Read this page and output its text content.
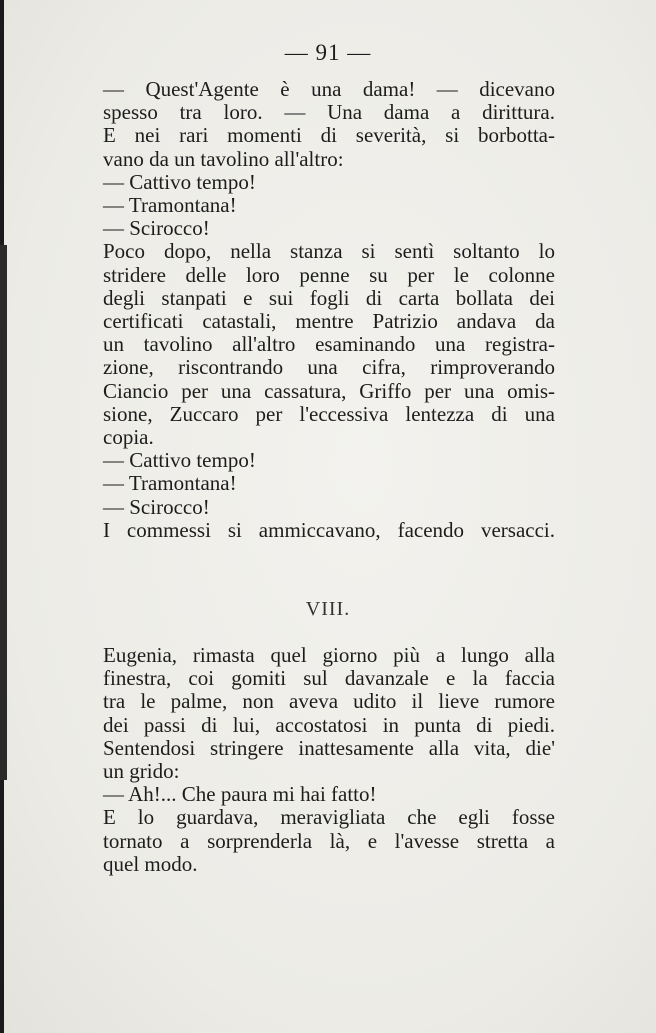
— 91 —
— Quest'Agente è una dama! — dicevano
spesso tra loro. — Una dama a dirittura.
E nei rari momenti di severità, si borbotta-
vano da un tavolino all'altro:
— Cattivo tempo!
— Tramontana!
— Scirocco!
Poco dopo, nella stanza si sentì soltanto lo
stridere delle loro penne su per le colonne
degli stanpati e sui fogli di carta bollata dei
certificati catastali, mentre Patrizio andava da
un tavolino all'altro esaminando una registra-
zione, riscontrando una cifra, rimproverando
Ciancio per una cassatura, Griffo per una omis-
sione, Zuccaro per l'eccessiva lentezza di una
copia.
— Cattivo tempo!
— Tramontana!
— Scirocco!
I commessi si ammiccavano, facendo versacci.
VIII.
Eugenia, rimasta quel giorno più a lungo alla
finestra, coi gomiti sul davanzale e la faccia
tra le palme, non aveva udito il lieve rumore
dei passi di lui, accostatosi in punta di piedi.
Sentendosi stringere inattesamente alla vita, die'
un grido:
— Ah!... Che paura mi hai fatto!
E lo guardava, meravigliata che egli fosse
tornato a sorprenderla là, e l'avesse stretta a
quel modo.
